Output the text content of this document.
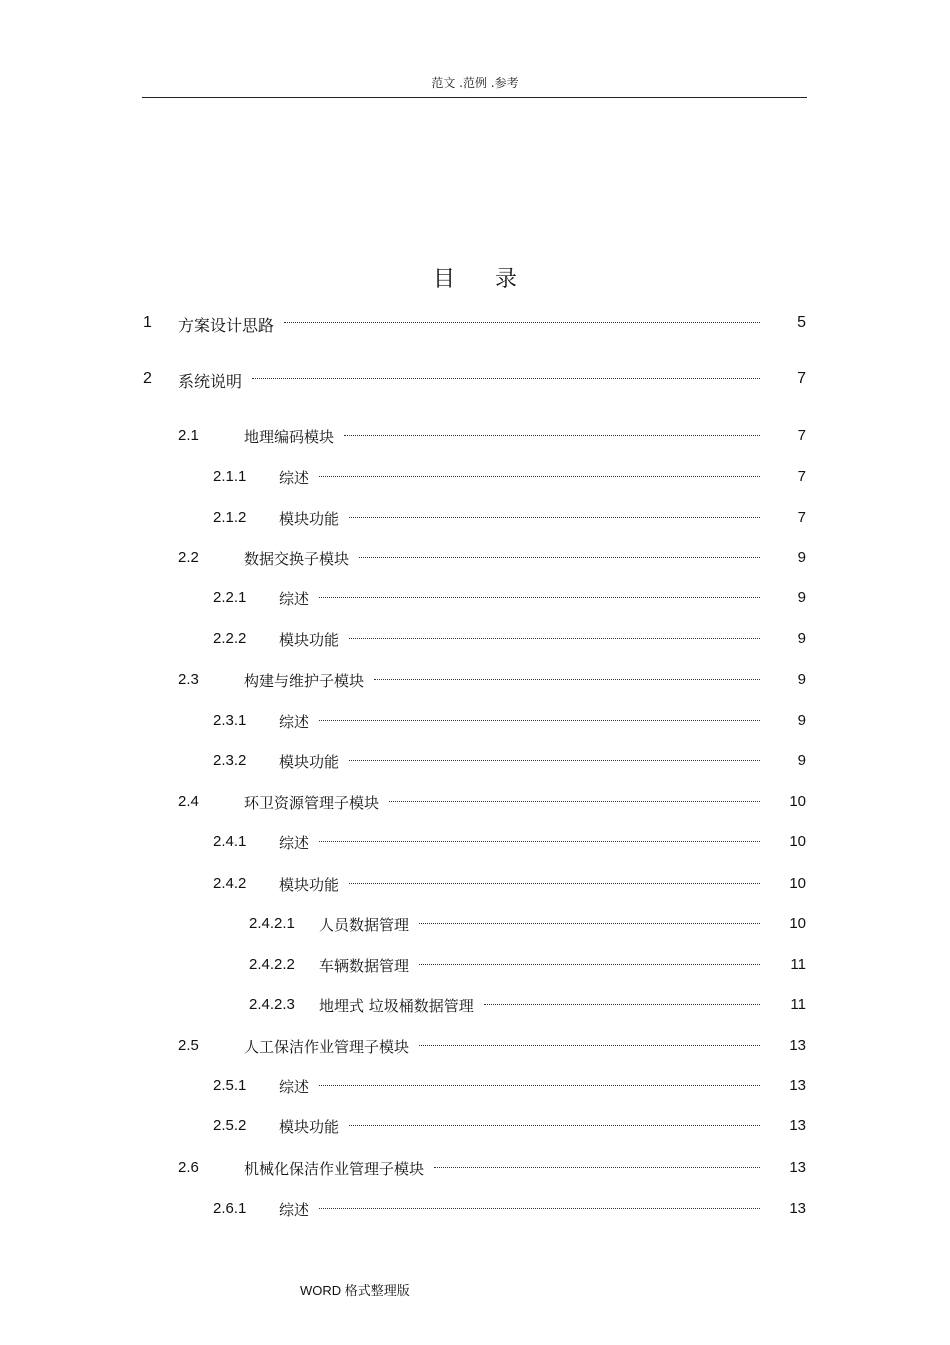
范文 .范例 .参考
目录
1 方案设计思路	5
2 系统说明	7
2.1	地理编码模块	7
2.1.1 综述	7
2.1.2 模块功能	7
2.2	数据交换子模块	9
2.2.1 综述	9
2.2.2 模块功能	9
2.3	构建与维护子模块	9
2.3.1 综述	9
2.3.2 模块功能	9
2.4	环卫资源管理子模块	10
2.4.1 综述	10
2.4.2 模块功能	10
2.4.2.1 人员数据管理	10
2.4.2.2 车辆数据管理	11
2.4.2.3 地埋式 垃圾桶数据管理	11
2.5	人工保洁作业管理子模块	13
2.5.1 综述	13
2.5.2 模块功能	13
2.6	机械化保洁作业管理子模块	13
2.6.1 综述	13
WORD 格式整理版
